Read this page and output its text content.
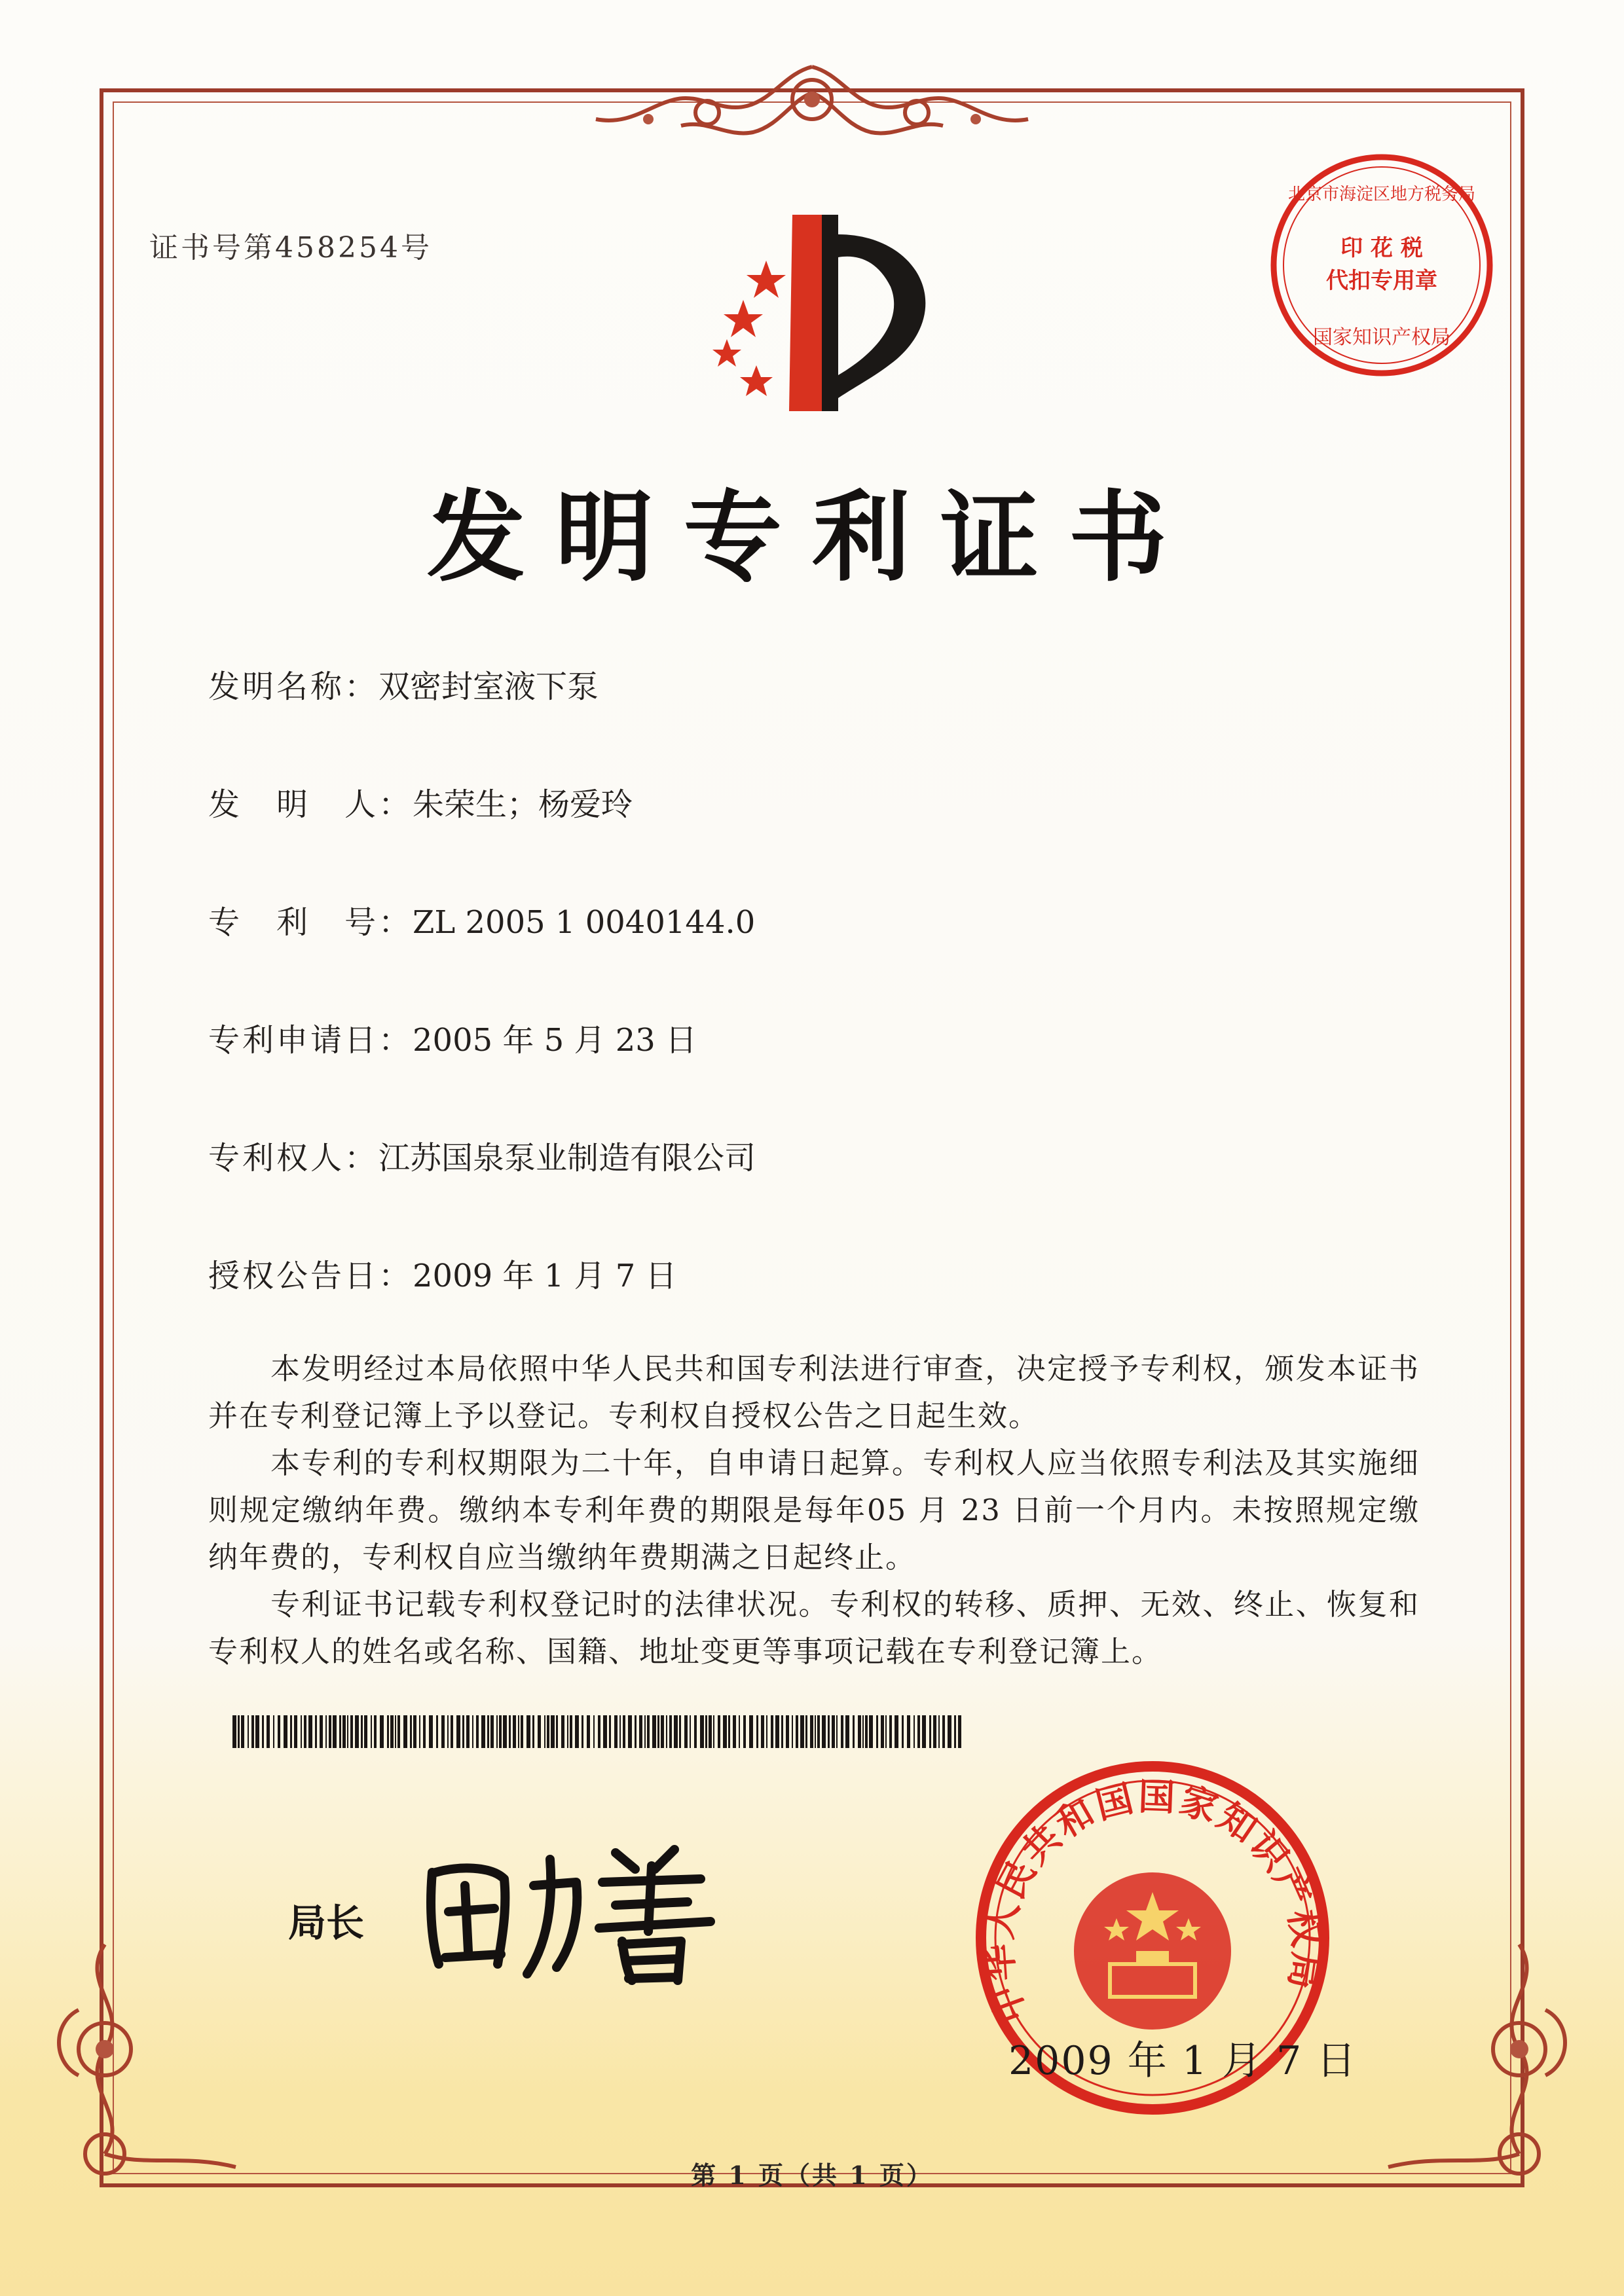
证书号第458254号	印 花 税
代扣专用章
北京市海淀区地方税务局
国家知识产权局
发明专利证书
发明名称：双密封室液下泵
发　明　人：朱荣生；杨爱玲
专　利　号：ZL 2005 1 0040144.0
专利申请日：2005 年 5 月 23 日
专利权人：江苏国泉泵业制造有限公司
授权公告日：2009 年 1 月 7 日

本发明经过本局依照中华人民共和国专利法进行审查，决定授予专利权，颁发本证书并在专利登记簿上予以登记。专利权自授权公告之日起生效。

本专利的专利权期限为二十年，自申请日起算。专利权人应当依照专利法及其实施细则规定缴纳年费。缴纳本专利年费的期限是每年05 月 23 日前一个月内。未按照规定缴纳年费的，专利权自应当缴纳年费期满之日起终止。

专利证书记载专利权登记时的法律状况。专利权的转移、质押、无效、终止、恢复和专利权人的姓名或名称、国籍、地址变更等事项记载在专利登记簿上。

局长
中华人民共和国国家知识产权局
2009 年 1 月 7 日
第 1 页（共 1 页）
